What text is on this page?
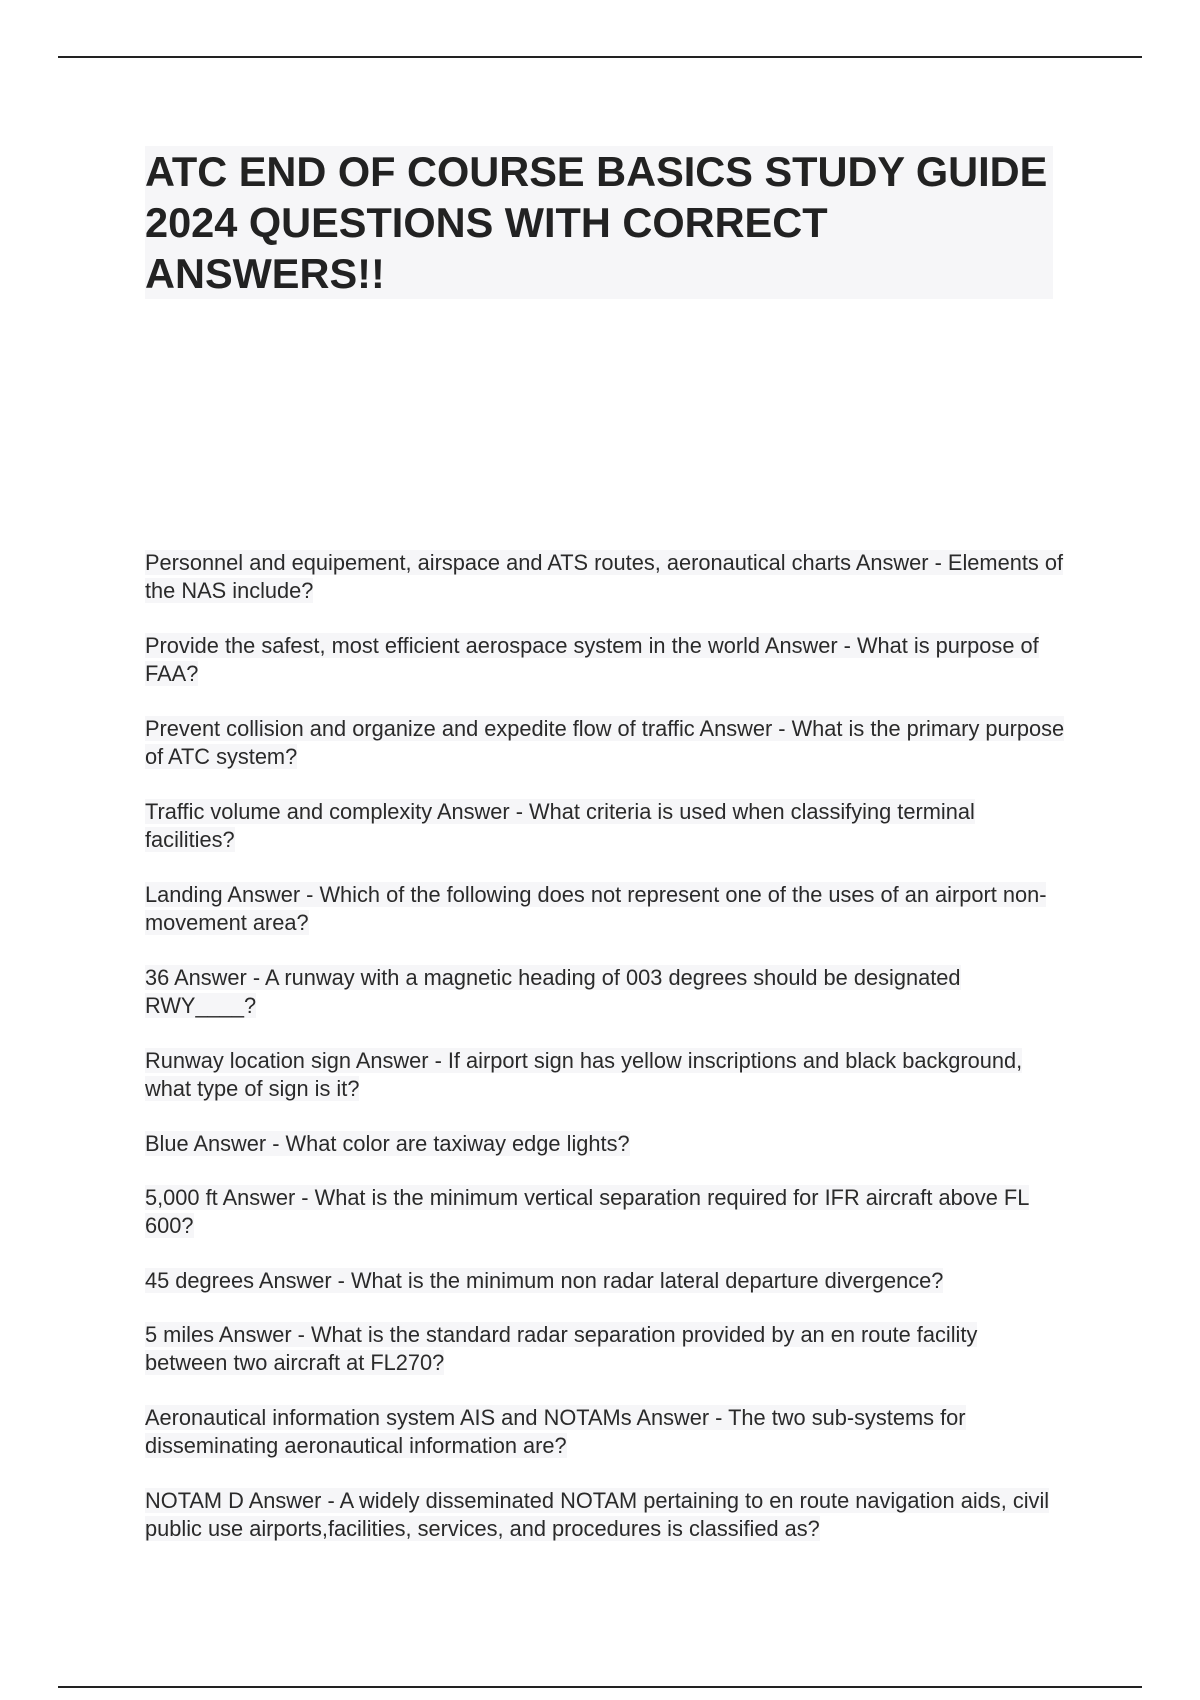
ATC END OF COURSE BASICS STUDY GUIDE 2024 QUESTIONS WITH CORRECT ANSWERS!!

Personnel and equipement, airspace and ATS routes, aeronautical charts Answer - Elements of the NAS include?

Provide the safest, most efficient aerospace system in the world Answer - What is purpose of FAA?

Prevent collision and organize and expedite flow of traffic Answer - What is the primary purpose of ATC system?

Traffic volume and complexity Answer - What criteria is used when classifying terminal facilities?

Landing Answer - Which of the following does not represent one of the uses of an airport non-movement area?

36 Answer - A runway with a magnetic heading of 003 degrees should be designated RWY____?

Runway location sign Answer - If airport sign has yellow inscriptions and black background, what type of sign is it?

Blue Answer - What color are taxiway edge lights?

5,000 ft Answer - What is the minimum vertical separation required for IFR aircraft above FL 600?

45 degrees Answer - What is the minimum non radar lateral departure divergence?

5 miles Answer - What is the standard radar separation provided by an en route facility between two aircraft at FL270?

Aeronautical information system AIS and NOTAMs Answer - The two sub-systems for disseminating aeronautical information are?

NOTAM D Answer - A widely disseminated NOTAM pertaining to en route navigation aids, civil public use airports,facilities, services, and procedures is classified as?
